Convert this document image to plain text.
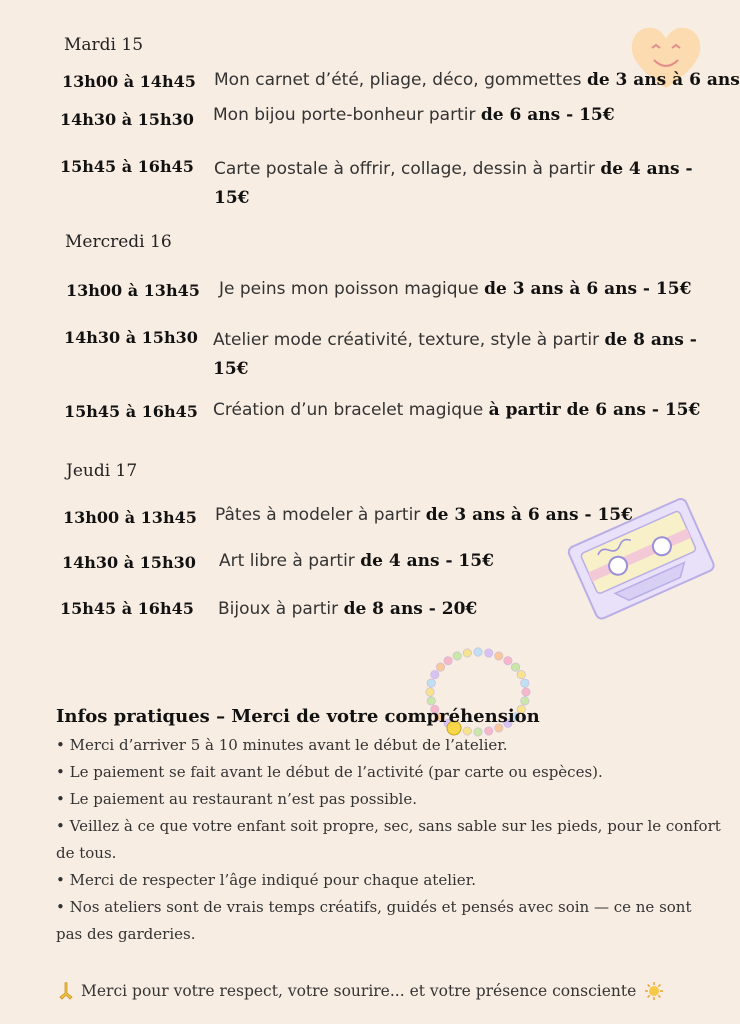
Mardi 15
13h00 à 14h45 Mon carnet d’été, pliage, déco, gommettes de 3 ans à 6 ans
14h30 à 15h30 Mon bijou porte-bonheur partir de 6 ans - 15€
15h45 à 16h45 Carte postale à offrir, collage, dessin à partir de 4 ans - 15€
Mercredi 16
13h00 à 13h45 Je peins mon poisson magique de 3 ans à 6 ans - 15€
14h30 à 15h30 Atelier mode créativité, texture, style à partir de 8 ans - 15€
15h45 à 16h45 Création d’un bracelet magique à partir de 6 ans - 15€
Jeudi 17
13h00 à 13h45 Pâtes à modeler à partir de 3 ans à 6 ans - 15€
14h30 à 15h30 Art libre à partir de 4 ans - 15€
15h45 à 16h45 Bijoux à partir de 8 ans - 20€
Infos pratiques – Merci de votre compréhension
• Merci d’arriver 5 à 10 minutes avant le début de l’atelier.
• Le paiement se fait avant le début de l’activité (par carte ou espèces).
• Le paiement au restaurant n’est pas possible.
• Veillez à ce que votre enfant soit propre, sec, sans sable sur les pieds, pour le confort de tous.
• Merci de respecter l’âge indiqué pour chaque atelier.
• Nos ateliers sont de vrais temps créatifs, guidés et pensés avec soin — ce ne sont pas des garderies.
Merci pour votre respect, votre sourire... et votre présence consciente
